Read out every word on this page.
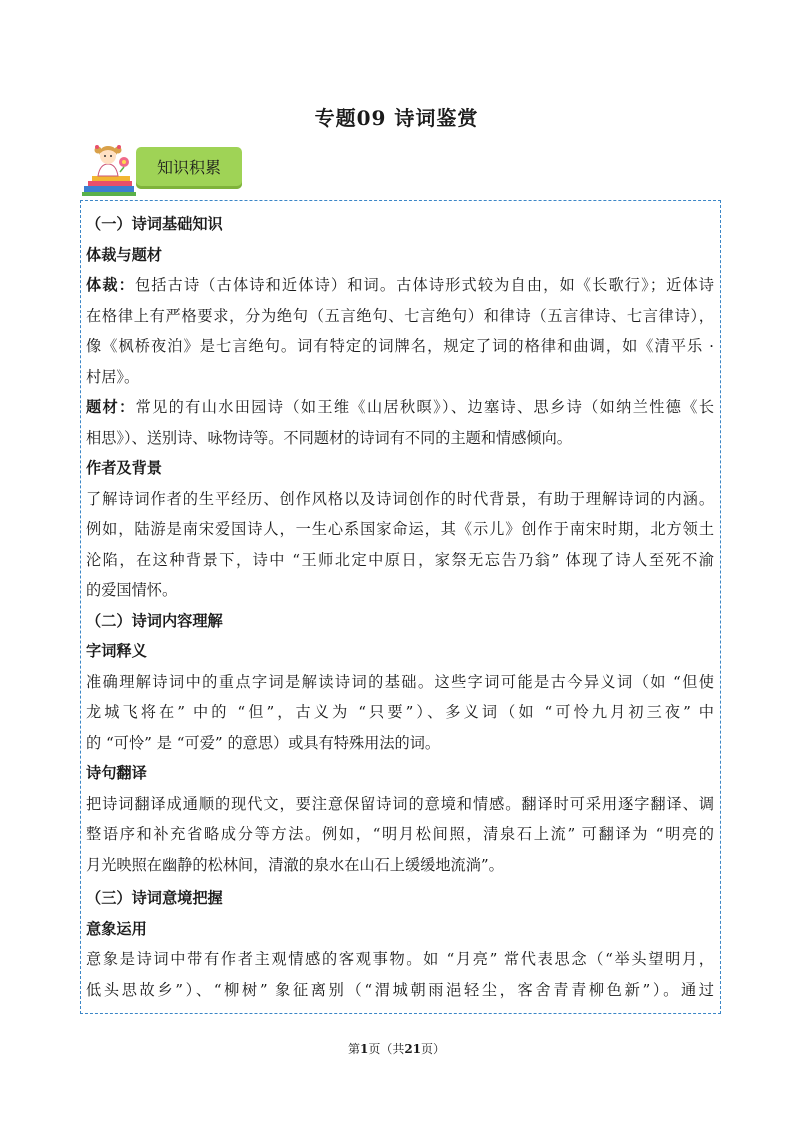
专题09 诗词鉴赏
知识积累
（一）诗词基础知识
体裁与题材
体裁：包括古诗（古体诗和近体诗）和词。古体诗形式较为自由，如《长歌行》；近体诗
在格律上有严格要求，分为绝句（五言绝句、七言绝句）和律诗（五言律诗、七言律诗），
像《枫桥夜泊》是七言绝句。词有特定的词牌名，规定了词的格律和曲调，如《清平乐 ·
村居》。
题材：常见的有山水田园诗（如王维《山居秋暝》）、边塞诗、思乡诗（如纳兰性德《长
相思》）、送别诗、咏物诗等。不同题材的诗词有不同的主题和情感倾向。
作者及背景
了解诗词作者的生平经历、创作风格以及诗词创作的时代背景，有助于理解诗词的内涵。
例如，陆游是南宋爱国诗人，一生心系国家命运，其《示儿》创作于南宋时期，北方领土
沦陷，在这种背景下，诗中 “王师北定中原日，家祭无忘告乃翁” 体现了诗人至死不渝
的爱国情怀。
（二）诗词内容理解
字词释义
准确理解诗词中的重点字词是解读诗词的基础。这些字词可能是古今异义词（如 “但使
龙城飞将在” 中的 “但”，古义为 “只要”）、多义词（如 “可怜九月初三夜” 中
的 “可怜” 是 “可爱” 的意思）或具有特殊用法的词。
诗句翻译
把诗词翻译成通顺的现代文，要注意保留诗词的意境和情感。翻译时可采用逐字翻译、调
整语序和补充省略成分等方法。例如，“明月松间照，清泉石上流” 可翻译为 “明亮的
月光映照在幽静的松林间，清澈的泉水在山石上缓缓地流淌”。
（三）诗词意境把握
意象运用
意象是诗词中带有作者主观情感的客观事物。如 “月亮” 常代表思念（“举头望明月，
低头思故乡”）、“柳树” 象征离别（“渭城朝雨浥轻尘，客舍青青柳色新”）。通过
第1页（共21页）
